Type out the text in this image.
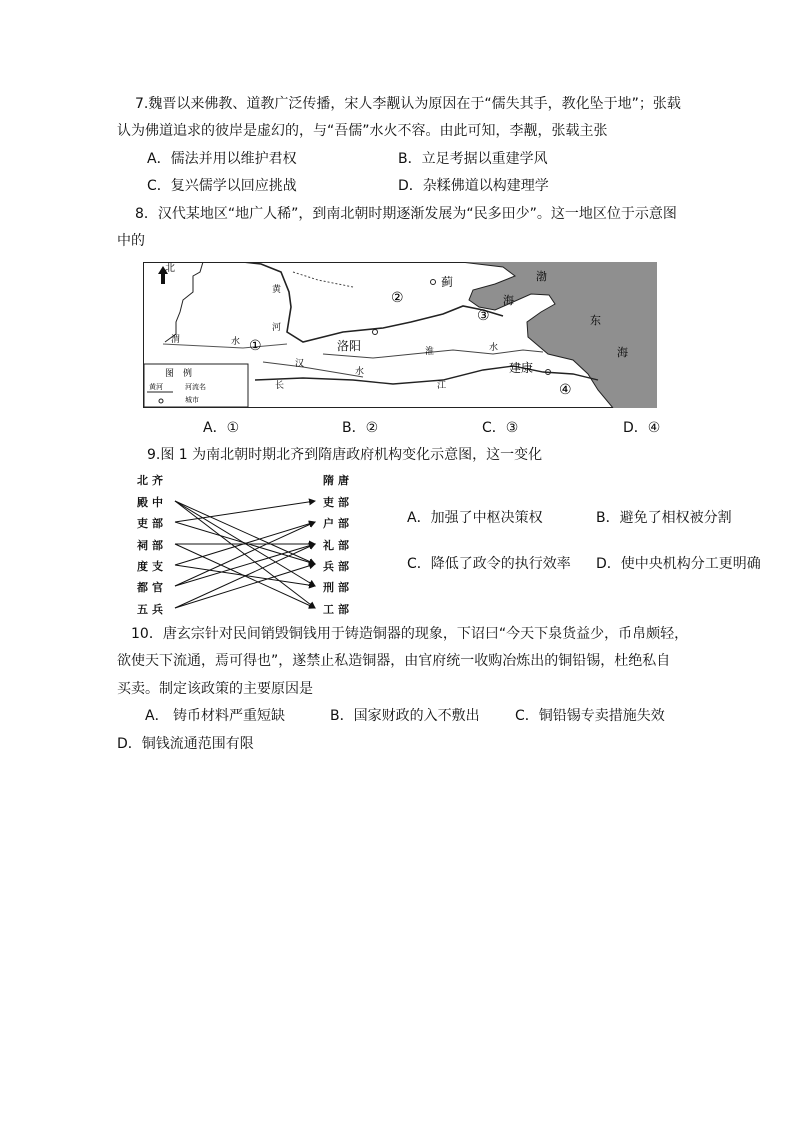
7.魏晋以来佛教、道教广泛传播，宋人李觏认为原因在于“儒失其手，教化坠于地”；张载
认为佛道追求的彼岸是虚幻的，与“吾儒”水火不容。由此可知，李觏，张载主张
A．儒法并用以维护君权	B．立足考据以重建学风
C．复兴儒学以回应挑战	D．杂糅佛道以构建理学
8．汉代某地区“地广人稀”，到南北朝时期逐渐发展为“民多田少”。这一地区位于示意图
中的
北
蓟
洛阳
建康
渤
海
东
海
黄
河
渭	水
淮	水
汉
水
长	江
①
②
③
④
图　例
黄河	河流名
城市
A．①	B．②	C．③	D．④
9.图 1 为南北朝时期北齐到隋唐政府机构变化示意图，这一变化
北齐
殿中
吏部
祠部
度支
都官
五兵
隋唐
吏部
户部
礼部
兵部
刑部
工部
A．加强了中枢决策权	B．避免了相权被分割
C．降低了政令的执行效率 D．使中央机构分工更明确
10．唐玄宗针对民间销毁铜钱用于铸造铜器的现象，下诏曰“今天下泉货益少，币帛颇轻，
欲使天下流通，焉可得也”，遂禁止私造铜器，由官府统一收购冶炼出的铜铅锡，杜绝私自
买卖。制定该政策的主要原因是
A． 铸币材料严重短缺	B．国家财政的入不敷出	C．铜铅锡专卖措施失效
D．铜钱流通范围有限
